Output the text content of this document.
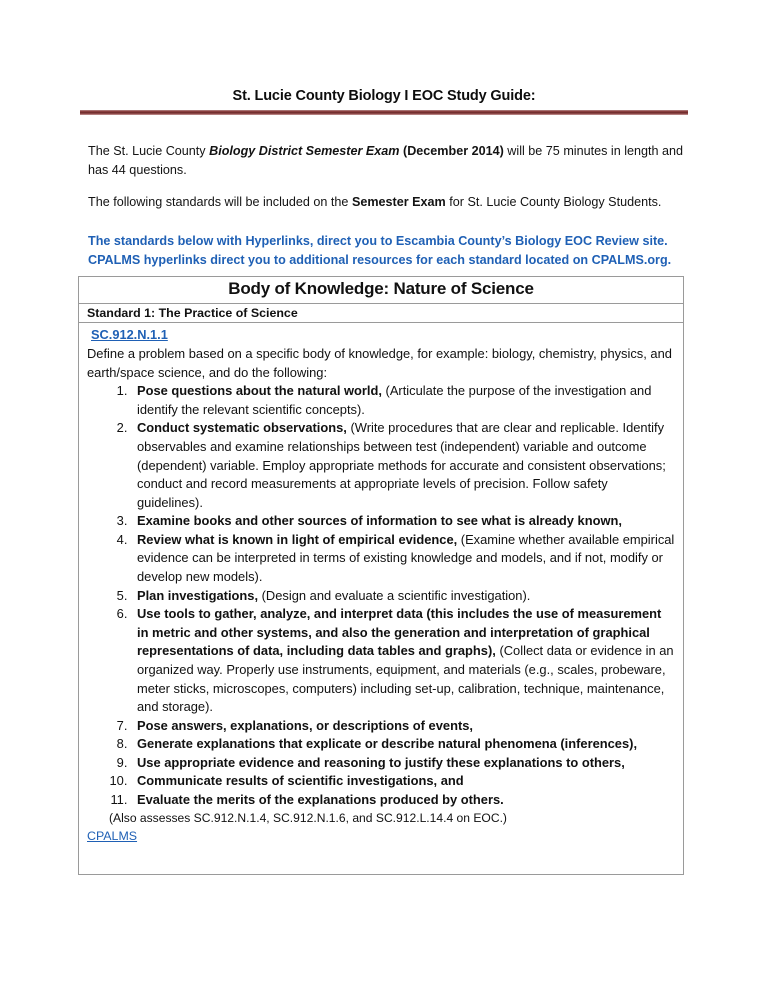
St. Lucie County Biology I EOC Study Guide:

The St. Lucie County Biology District Semester Exam (December 2014) will be 75 minutes in length and has 44 questions.

The following standards will be included on the Semester Exam for St. Lucie County Biology Students.

The standards below with Hyperlinks, direct you to Escambia County’s Biology EOC Review site. CPALMS hyperlinks direct you to additional resources for each standard located on CPALMS.org.

Body of Knowledge: Nature of Science
Standard 1: The Practice of Science
SC.912.N.1.1

Define a problem based on a specific body of knowledge, for example: biology, chemistry, physics, and earth/space science, and do the following:

1. Pose questions about the natural world, (Articulate the purpose of the investigation and identify the relevant scientific concepts).
2. Conduct systematic observations, (Write procedures that are clear and replicable. Identify observables and examine relationships between test (independent) variable and outcome (dependent) variable. Employ appropriate methods for accurate and consistent observations; conduct and record measurements at appropriate levels of precision. Follow safety guidelines).
3. Examine books and other sources of information to see what is already known,
4. Review what is known in light of empirical evidence, (Examine whether available empirical evidence can be interpreted in terms of existing knowledge and models, and if not, modify or develop new models).
5. Plan investigations, (Design and evaluate a scientific investigation).
6. Use tools to gather, analyze, and interpret data (this includes the use of measurement in metric and other systems, and also the generation and interpretation of graphical representations of data, including data tables and graphs), (Collect data or evidence in an organized way. Properly use instruments, equipment, and materials (e.g., scales, probeware, meter sticks, microscopes, computers) including set-up, calibration, technique, maintenance, and storage).
7. Pose answers, explanations, or descriptions of events,
8. Generate explanations that explicate or describe natural phenomena (inferences),
9. Use appropriate evidence and reasoning to justify these explanations to others,
10. Communicate results of scientific investigations, and
11. Evaluate the merits of the explanations produced by others.

(Also assesses SC.912.N.1.4, SC.912.N.1.6, and SC.912.L.14.4 on EOC.)

CPALMS
